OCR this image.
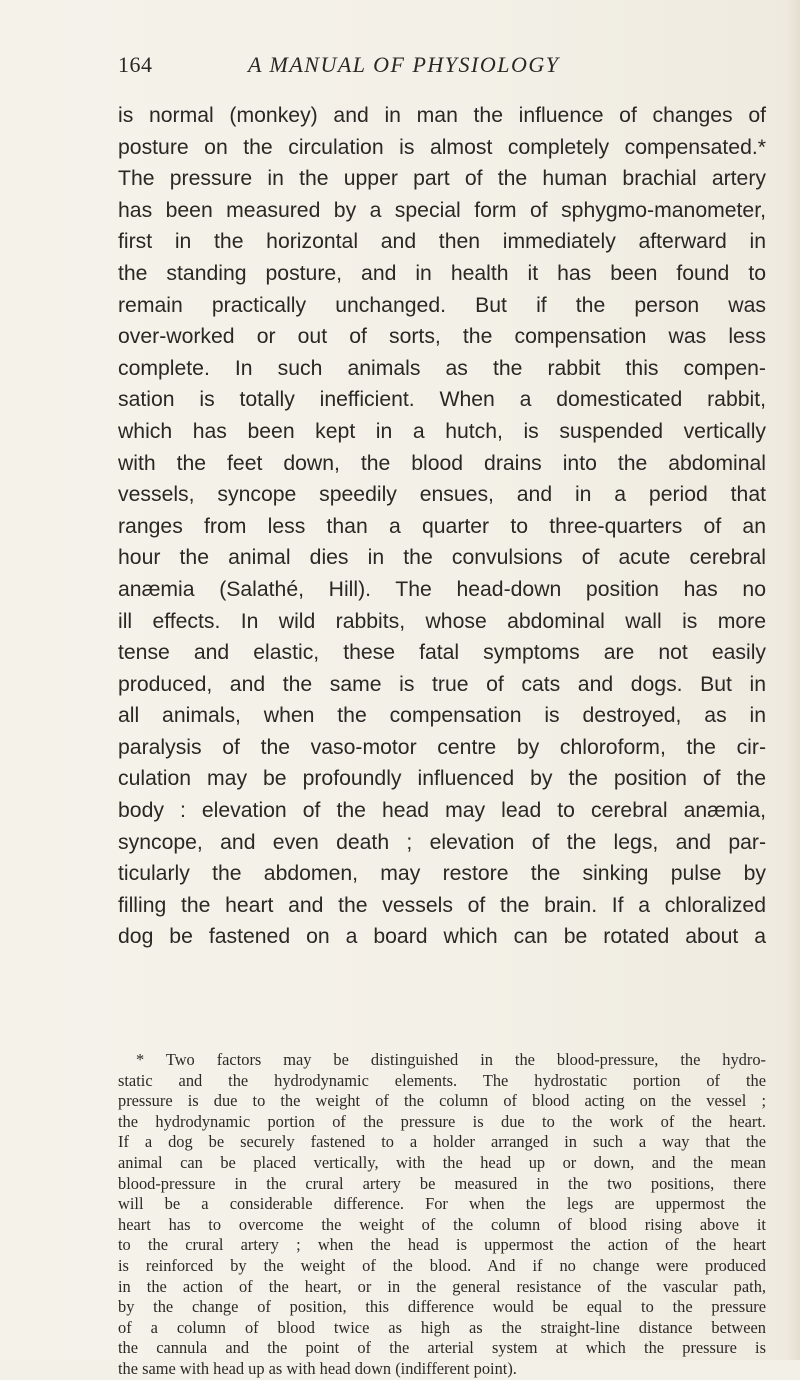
164	A MANUAL OF PHYSIOLOGY
is normal (monkey) and in man the influence of changes of
posture on the circulation is almost completely compensated.*
The pressure in the upper part of the human brachial artery
has been measured by a special form of sphygmo-manometer,
first in the horizontal and then immediately afterward in
the standing posture, and in health it has been found to
remain practically unchanged. But if the person was
over-worked or out of sorts, the compensation was less
complete. In such animals as the rabbit this compen-
sation is totally inefficient. When a domesticated rabbit,
which has been kept in a hutch, is suspended vertically
with the feet down, the blood drains into the abdominal
vessels, syncope speedily ensues, and in a period that
ranges from less than a quarter to three-quarters of an
hour the animal dies in the convulsions of acute cerebral
anæmia (Salathé, Hill). The head-down position has no
ill effects. In wild rabbits, whose abdominal wall is more
tense and elastic, these fatal symptoms are not easily
produced, and the same is true of cats and dogs. But in
all animals, when the compensation is destroyed, as in
paralysis of the vaso-motor centre by chloroform, the cir-
culation may be profoundly influenced by the position of the
body : elevation of the head may lead to cerebral anæmia,
syncope, and even death ; elevation of the legs, and par-
ticularly the abdomen, may restore the sinking pulse by
filling the heart and the vessels of the brain. If a chloralized
dog be fastened on a board which can be rotated about a
* Two factors may be distinguished in the blood-pressure, the hydro-
static and the hydrodynamic elements. The hydrostatic portion of the
pressure is due to the weight of the column of blood acting on the vessel ;
the hydrodynamic portion of the pressure is due to the work of the heart.
If a dog be securely fastened to a holder arranged in such a way that the
animal can be placed vertically, with the head up or down, and the mean
blood-pressure in the crural artery be measured in the two positions, there
will be a considerable difference. For when the legs are uppermost the
heart has to overcome the weight of the column of blood rising above it
to the crural artery ; when the head is uppermost the action of the heart
is reinforced by the weight of the blood. And if no change were produced
in the action of the heart, or in the general resistance of the vascular path,
by the change of position, this difference would be equal to the pressure
of a column of blood twice as high as the straight-line distance between
the cannula and the point of the arterial system at which the pressure is
the same with head up as with head down (indifferent point).
